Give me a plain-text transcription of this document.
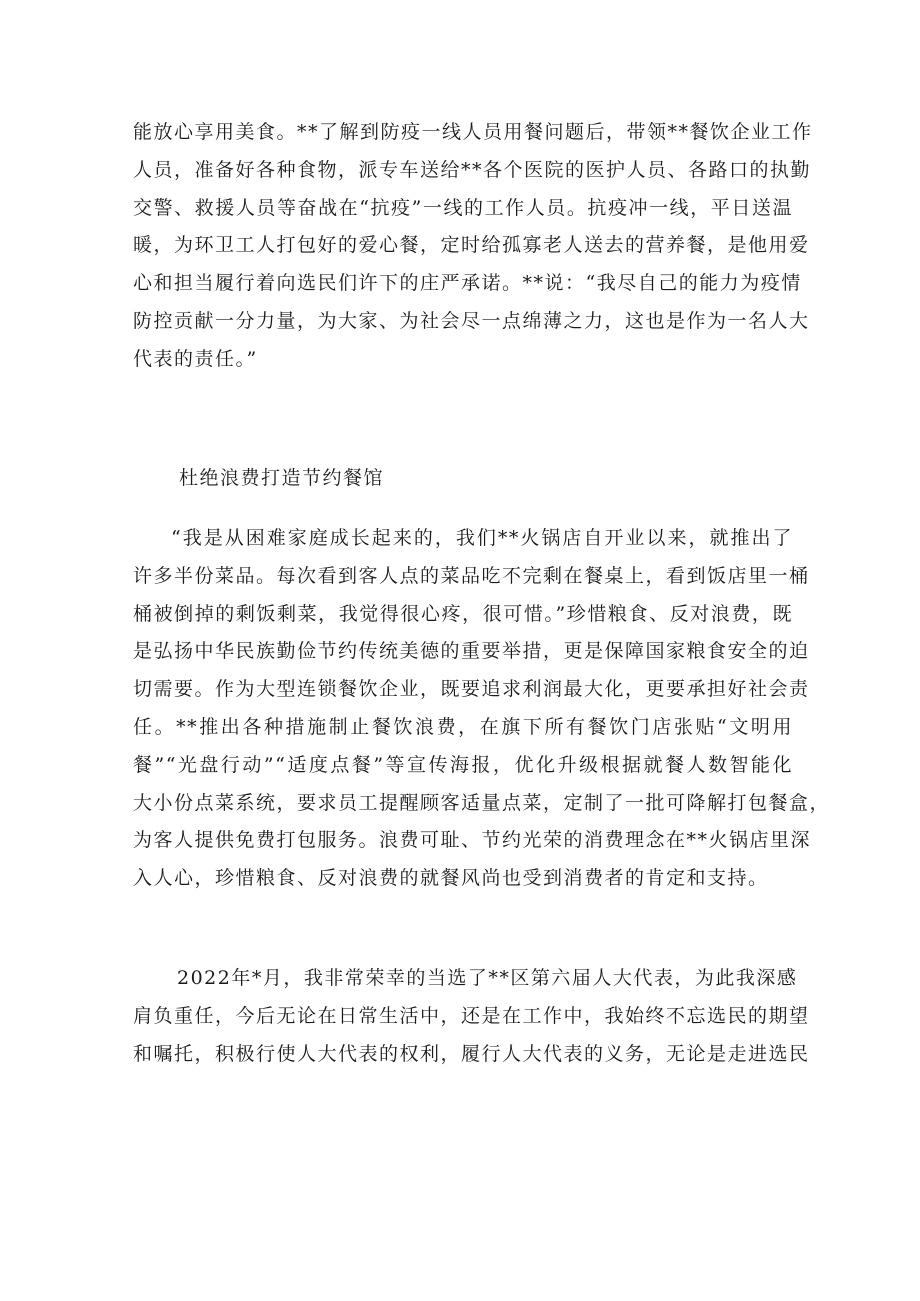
能放心享用美食。**了解到防疫一线人员用餐问题后，带领**餐饮企业工作
人员，准备好各种食物，派专车送给**各个医院的医护人员、各路口的执勤
交警、救援人员等奋战在“抗疫”一线的工作人员。抗疫冲一线，平日送温
暖，为环卫工人打包好的爱心餐，定时给孤寡老人送去的营养餐，是他用爱
心和担当履行着向选民们许下的庄严承诺。**说：“我尽自己的能力为疫情
防控贡献一分力量，为大家、为社会尽一点绵薄之力，这也是作为一名人大
代表的责任。”
杜绝浪费打造节约餐馆
“我是从困难家庭成长起来的，我们**火锅店自开业以来，就推出了
许多半份菜品。每次看到客人点的菜品吃不完剩在餐桌上，看到饭店里一桶
桶被倒掉的剩饭剩菜，我觉得很心疼，很可惜。”珍惜粮食、反对浪费，既
是弘扬中华民族勤俭节约传统美德的重要举措，更是保障国家粮食安全的迫
切需要。作为大型连锁餐饮企业，既要追求利润最大化，更要承担好社会责
任。**推出各种措施制止餐饮浪费，在旗下所有餐饮门店张贴“文明用
餐”“光盘行动”“适度点餐”等宣传海报，优化升级根据就餐人数智能化
大小份点菜系统，要求员工提醒顾客适量点菜，定制了一批可降解打包餐盒，
为客人提供免费打包服务。浪费可耻、节约光荣的消费理念在**火锅店里深
入人心，珍惜粮食、反对浪费的就餐风尚也受到消费者的肯定和支持。
2022年*月，我非常荣幸的当选了**区第六届人大代表，为此我深感
肩负重任，今后无论在日常生活中，还是在工作中，我始终不忘选民的期望
和嘱托，积极行使人大代表的权利，履行人大代表的义务，无论是走进选民
